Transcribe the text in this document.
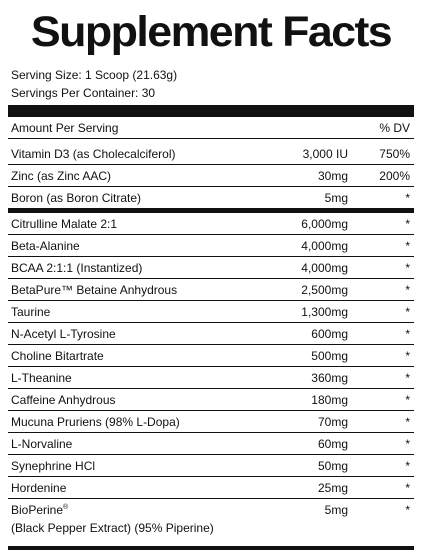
Supplement Facts
Serving Size: 1 Scoop (21.63g)
Servings Per Container: 30
Amount Per Serving	% DV
Vitamin D3 (as Cholecalciferol)	3,000 IU	750%
Zinc (as Zinc AAC)	30mg	200%
Boron (as Boron Citrate)	5mg	*
Citrulline Malate 2:1	6,000mg	*
Beta-Alanine	4,000mg	*
BCAA 2:1:1 (Instantized)	4,000mg	*
BetaPure™ Betaine Anhydrous	2,500mg	*
Taurine	1,300mg	*
N-Acetyl L-Tyrosine	600mg	*
Choline Bitartrate	500mg	*
L-Theanine	360mg	*
Caffeine Anhydrous	180mg	*
Mucuna Pruriens (98% L-Dopa)	70mg	*
L-Norvaline	60mg	*
Synephrine HCl	50mg	*
Hordenine	25mg	*
BioPerine®
(Black Pepper Extract) (95% Piperine)
5mg	*
